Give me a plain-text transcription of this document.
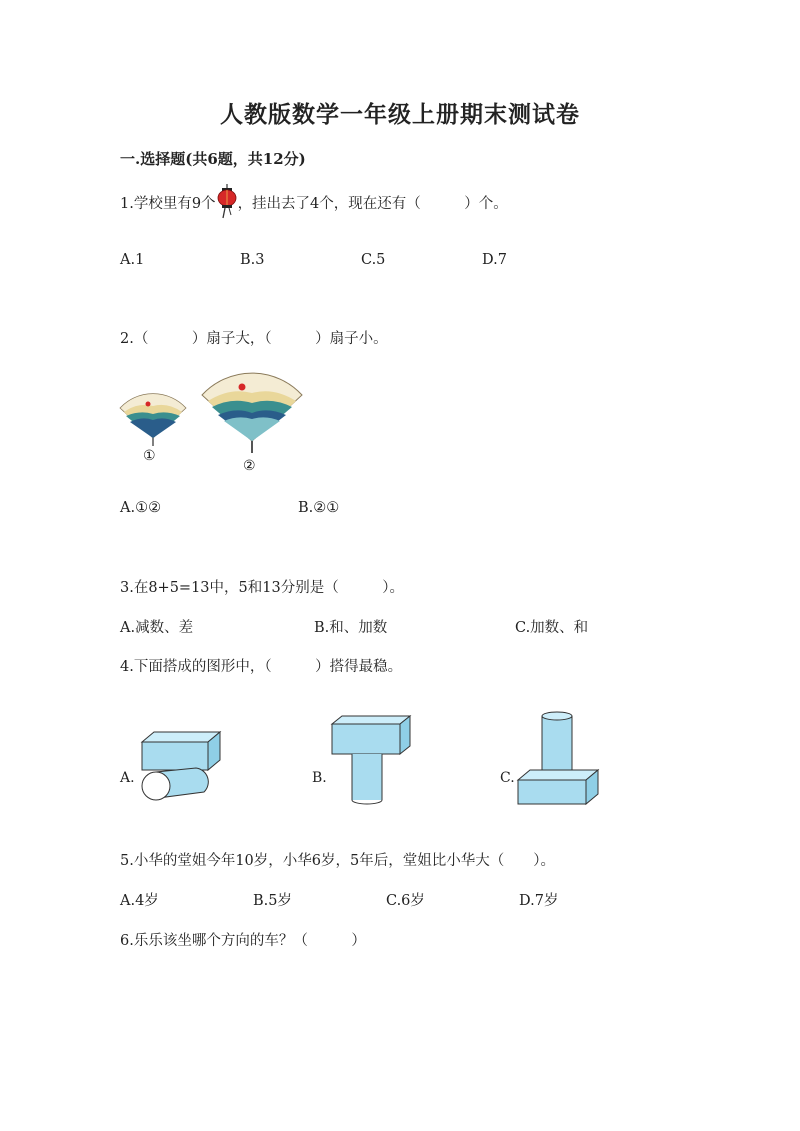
人教版数学一年级上册期末测试卷
一.选择题(共6题，共12分)
1.学校里有9个 ，挂出去了4个，现在还有（　　　）个。
A.1	B.3	C.5	D.7
2.（　　　）扇子大，（　　　）扇子小。
①
②
A.①②	B.②①
3.在8+5=13中，5和13分别是（　　　）。
A.减数、差	B.和、加数	C.加数、和
4.下面搭成的图形中，（　　　）搭得最稳。
A.	B.	C.
5.小华的堂姐今年10岁，小华6岁，5年后，堂姐比小华大（　　）。
A.4岁	B.5岁	C.6岁	D.7岁
6.乐乐该坐哪个方向的车？（　　　）
